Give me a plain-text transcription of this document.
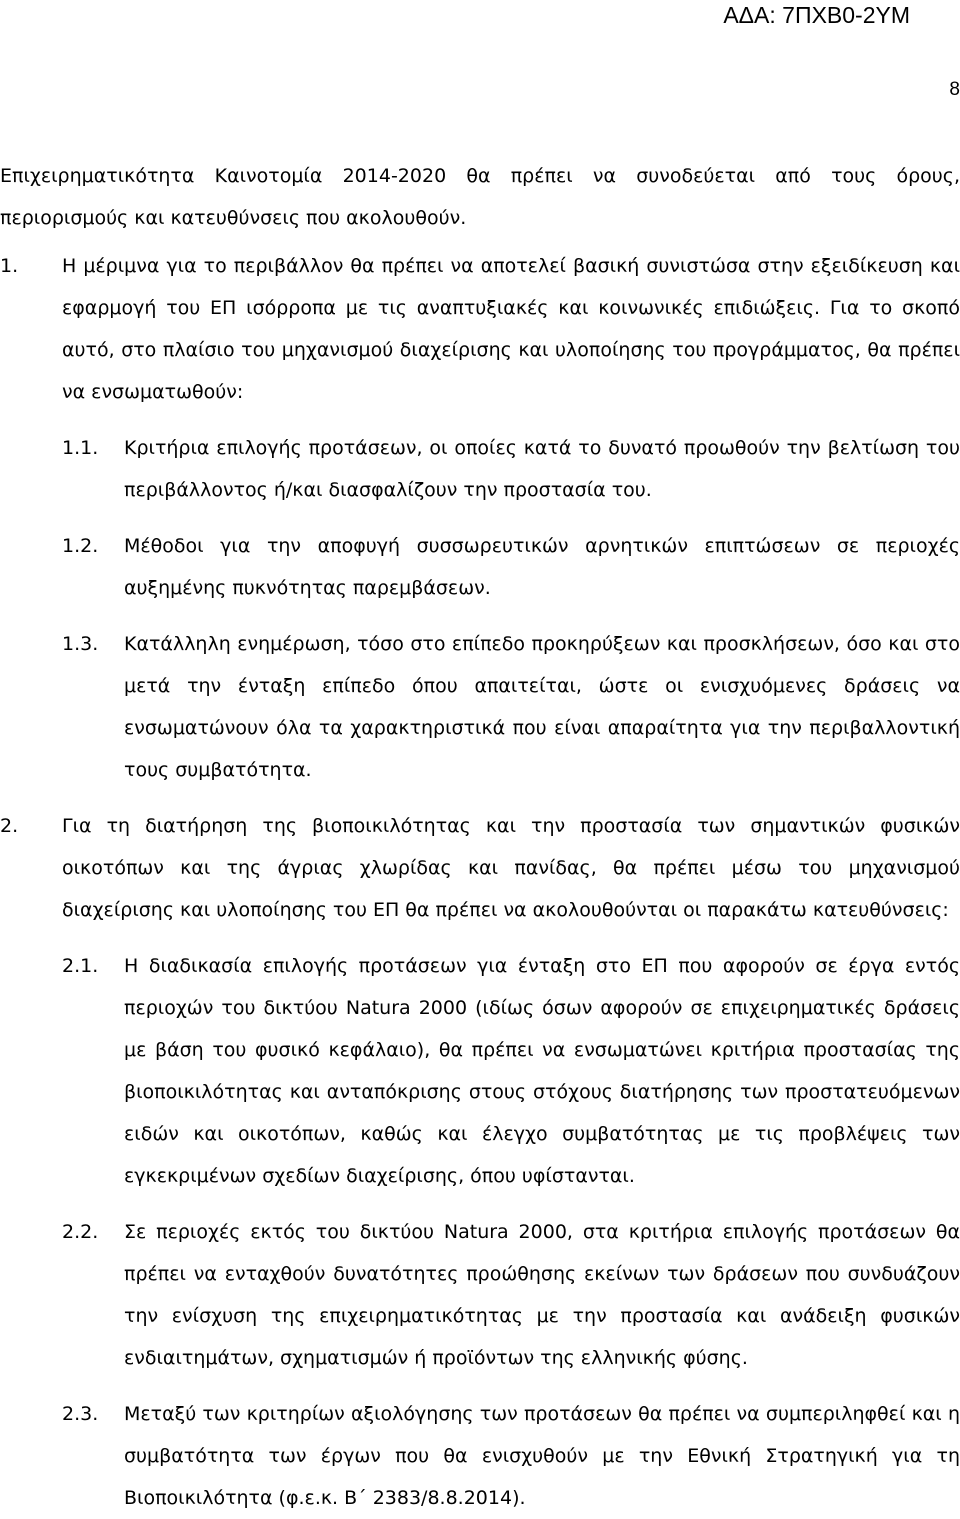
ΑΔΑ: 7ΠΧΒ0-2ΥΜ
8

Επιχειρηματικότητα Καινοτομία 2014-2020 θα πρέπει να συνοδεύεται από τους όρους, περιορισμούς και κατευθύνσεις που ακολουθούν.

1. Η μέριμνα για το περιβάλλον θα πρέπει να αποτελεί βασική συνιστώσα στην εξειδίκευση και εφαρμογή του ΕΠ ισόρροπα με τις αναπτυξιακές και κοινωνικές επιδιώξεις. Για το σκοπό αυτό, στο πλαίσιο του μηχανισμού διαχείρισης και υλοποίησης του προγράμματος, θα πρέπει να ενσωματωθούν:

1.1. Κριτήρια επιλογής προτάσεων, οι οποίες κατά το δυνατό προωθούν την βελτίωση του περιβάλλοντος ή/και διασφαλίζουν την προστασία του.

1.2. Μέθοδοι για την αποφυγή συσσωρευτικών αρνητικών επιπτώσεων σε περιοχές αυξημένης πυκνότητας παρεμβάσεων.

1.3. Κατάλληλη ενημέρωση, τόσο στο επίπεδο προκηρύξεων και προσκλήσεων, όσο και στο μετά την ένταξη επίπεδο όπου απαιτείται, ώστε οι ενισχυόμενες δράσεις να ενσωματώνουν όλα τα χαρακτηριστικά που είναι απαραίτητα για την περιβαλλοντική τους συμβατότητα.

2. Για τη διατήρηση της βιοποικιλότητας και την προστασία των σημαντικών φυσικών οικοτόπων και της άγριας χλωρίδας και πανίδας, θα πρέπει μέσω του μηχανισμού διαχείρισης και υλοποίησης του ΕΠ θα πρέπει να ακολουθούνται οι παρακάτω κατευθύνσεις:

2.1. Η διαδικασία επιλογής προτάσεων για ένταξη στο ΕΠ που αφορούν σε έργα εντός περιοχών του δικτύου Natura 2000 (ιδίως όσων αφορούν σε επιχειρηματικές δράσεις με βάση του φυσικό κεφάλαιο), θα πρέπει να ενσωματώνει κριτήρια προστασίας της βιοποικιλότητας και ανταπόκρισης στους στόχους διατήρησης των προστατευόμενων ειδών και οικοτόπων, καθώς και έλεγχο συμβατότητας με τις προβλέψεις των εγκεκριμένων σχεδίων διαχείρισης, όπου υφίστανται.

2.2. Σε περιοχές εκτός του δικτύου Natura 2000, στα κριτήρια επιλογής προτάσεων θα πρέπει να ενταχθούν δυνατότητες προώθησης εκείνων των δράσεων που συνδυάζουν την ενίσχυση της επιχειρηματικότητας με την προστασία και ανάδειξη φυσικών ενδιαιτημάτων, σχηματισμών ή προϊόντων της ελληνικής φύσης.

2.3. Μεταξύ των κριτηρίων αξιολόγησης των προτάσεων θα πρέπει να συμπεριληφθεί και η συμβατότητα των έργων που θα ενισχυθούν με την Εθνική Στρατηγική για τη Βιοποικιλότητα (φ.ε.κ. Β΄ 2383/8.8.2014).
